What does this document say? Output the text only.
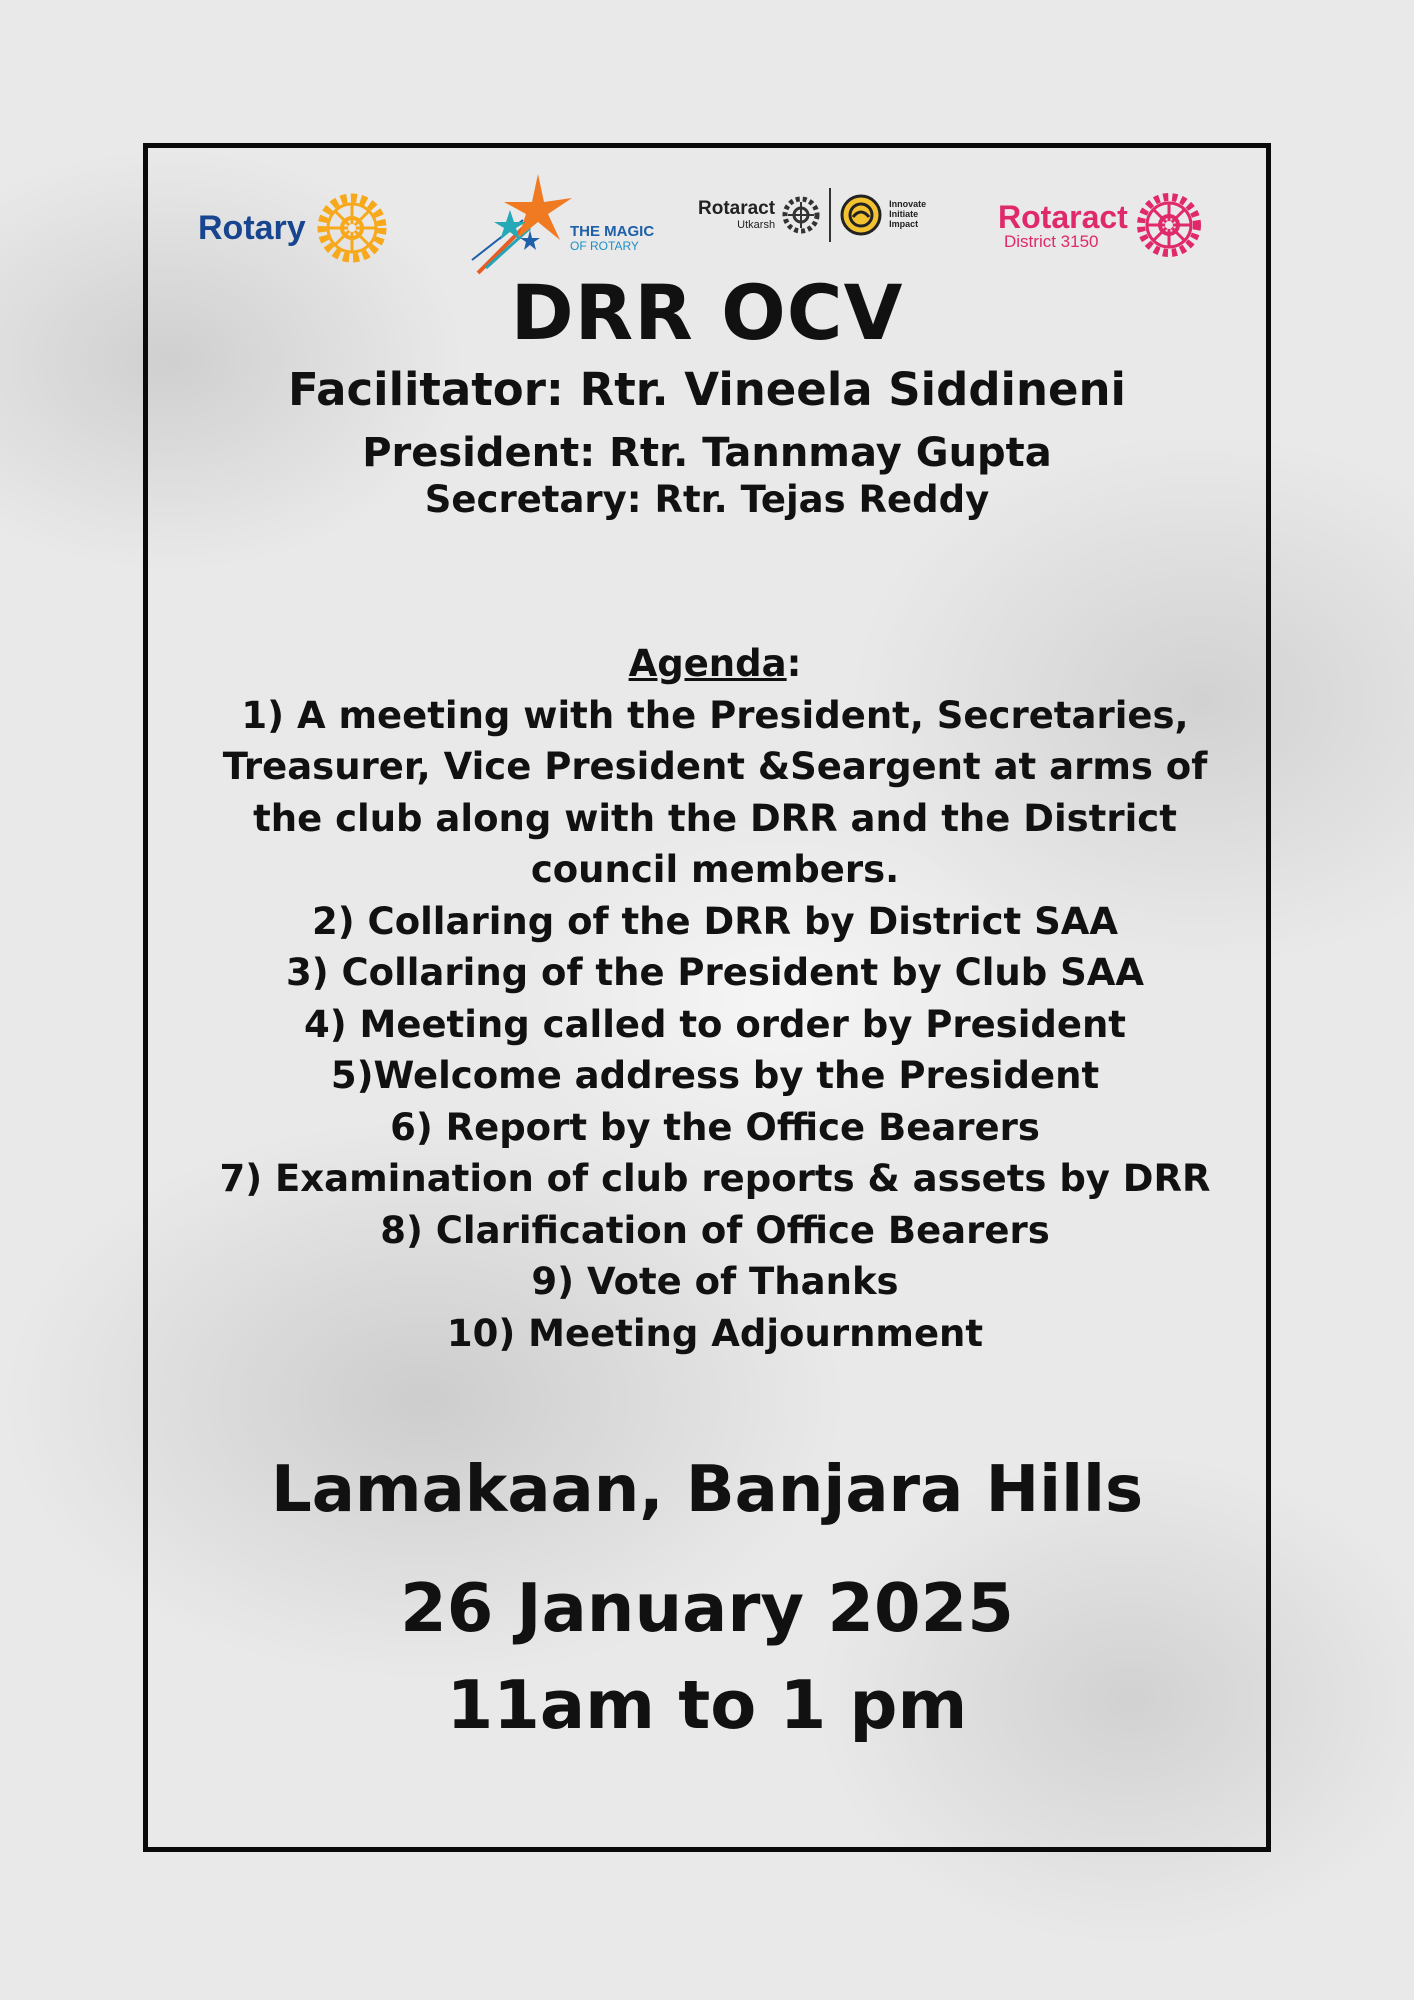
Rotary	THE MAGIC
OF ROTARY
Rotaract
Utkarsh
Innovate
Initiate
Impact Rotaract
District 3150
DRR OCV
Facilitator: Rtr. Vineela Siddineni
President: Rtr. Tannmay Gupta
Secretary: Rtr. Tejas Reddy
Agenda:
1) A meeting with the President, Secretaries, Treasurer, Vice President &Seargent at arms of the club along with the DRR and the District council members.
2) Collaring of the DRR by District SAA
3) Collaring of the President by Club SAA
4) Meeting called to order by President
5)Welcome address by the President
6) Report by the Office Bearers
7) Examination of club reports & assets by DRR
8) Clarification of Office Bearers
9) Vote of Thanks
10) Meeting Adjournment
Lamakaan, Banjara Hills
26 January 2025
11am to 1 pm
